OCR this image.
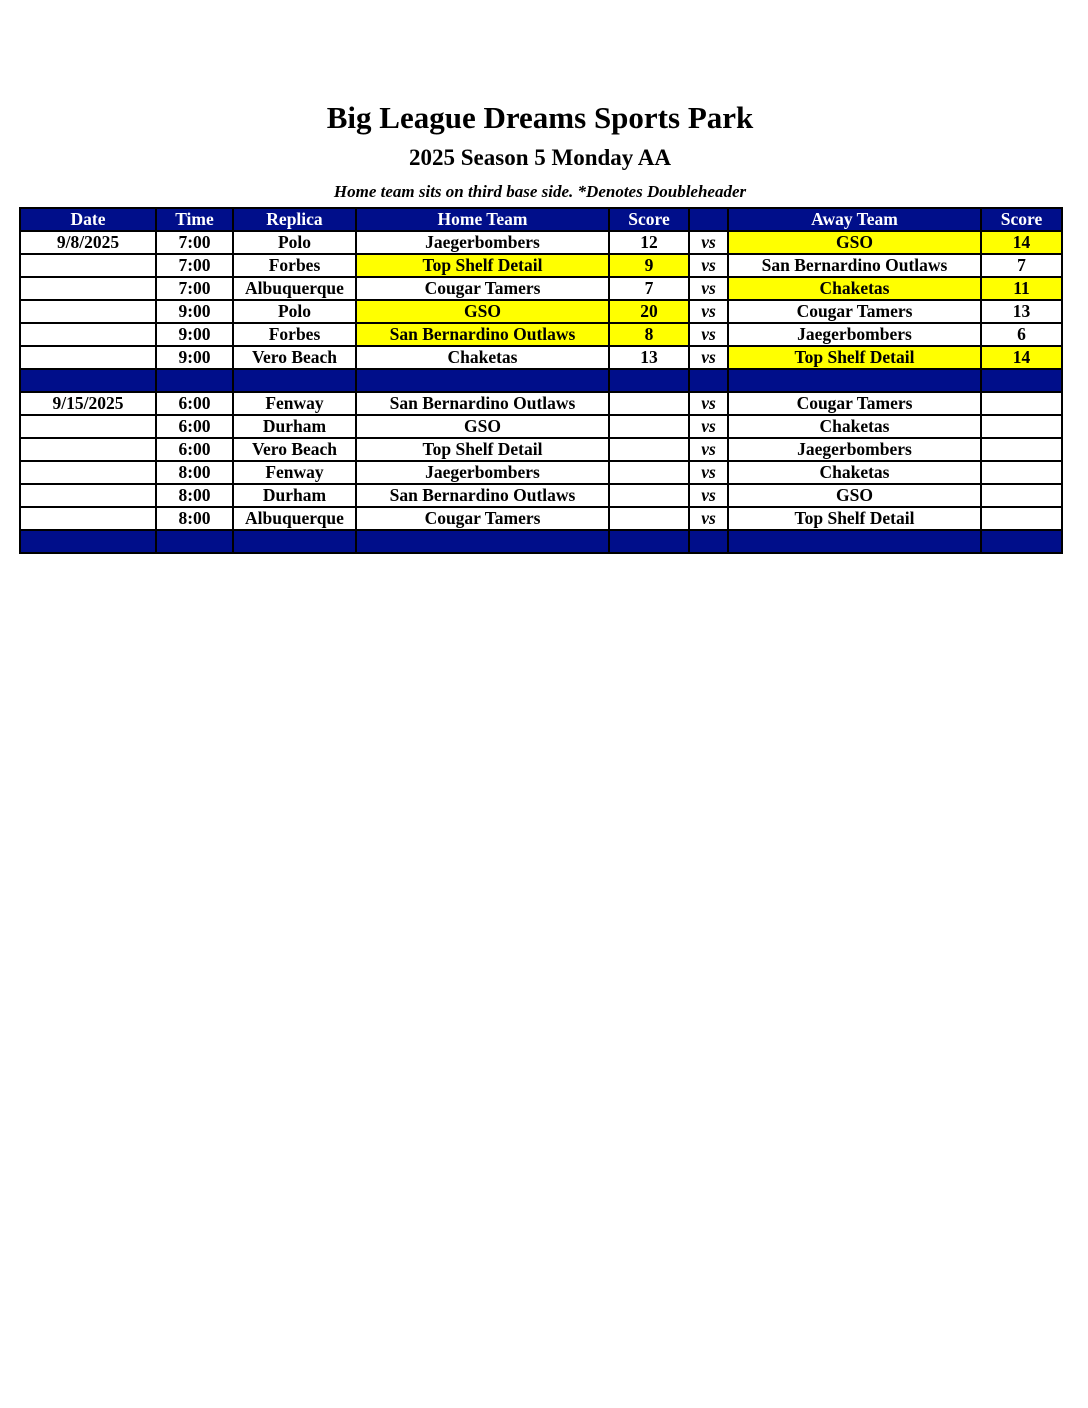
Big League Dreams Sports Park
2025 Season 5 Monday AA
Home team sits on third base side. *Denotes Doubleheader
Date	Time	Replica	Home Team	Score		Away Team	Score
9/8/2025	7:00	Polo	Jaegerbombers	12	vs	GSO	14
	7:00	Forbes	Top Shelf Detail	9	vs	San Bernardino Outlaws	7
	7:00	Albuquerque	Cougar Tamers	7	vs	Chaketas	11
	9:00	Polo	GSO	20	vs	Cougar Tamers	13
	9:00	Forbes	San Bernardino Outlaws	8	vs	Jaegerbombers	6
	9:00	Vero Beach	Chaketas	13	vs	Top Shelf Detail	14

9/15/2025	6:00	Fenway	San Bernardino Outlaws		vs	Cougar Tamers	
	6:00	Durham	GSO		vs	Chaketas	
	6:00	Vero Beach	Top Shelf Detail		vs	Jaegerbombers	
	8:00	Fenway	Jaegerbombers		vs	Chaketas	
	8:00	Durham	San Bernardino Outlaws		vs	GSO	
	8:00	Albuquerque	Cougar Tamers		vs	Top Shelf Detail	
